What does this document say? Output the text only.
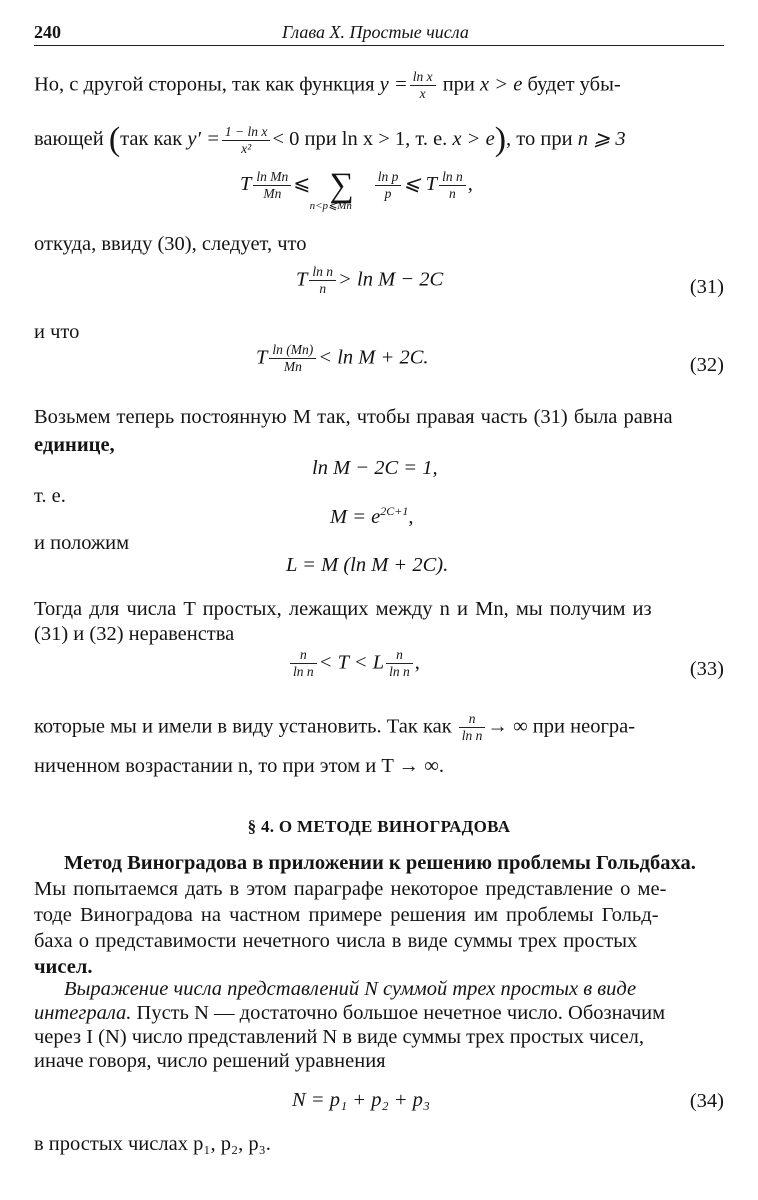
240	Глава X. Простые числа
Но, с другой стороны, так как функция $y = \frac{\text{ln x}}{x}$ при x > e будет убы-
вающей (так как $y' = \frac{\text{1 − ln x}}{\text{x²}} < 0$ при ln x > 1, т. е. x > e), то при n ⩾ 3
T $\frac{\text{ln Mn}}{Mn}$ ⩽ ∑
n<p⩽Mn

$\frac{\text{ln p}}{p}$ ⩽ T $\frac{\text{ln n}}{n}$ ,
откуда, ввиду (30), следует, что
T $\frac{\text{ln n}}{n} > \ln M - 2C$	(31)
и что
T $\frac{\ln (Mn)}{Mn} < \ln M + 2C$.	(32)
Возьмем теперь постоянную M так, чтобы правая часть (31) была равна
единице,
ln M − 2C = 1,
т. е.
$M = e^{2C+1}$,
и положим
L = M (ln M + 2C).
Тогда для числа T простых, лежащих между n и Mn, мы получим из
(31) и (32) неравенства
$\frac{n}{\text{ln n}} < T < L \frac{n}{\text{ln n}}$ ,	(33)
которые мы и имели в виду установить. Так как $\frac{n}{\text{ln n}}$ → ∞ при неогра-
ниченном возрастании n, то при этом и T → ∞.
§ 4. О МЕТОДЕ ВИНОГРАДОВА
Метод Виноградова в приложении к решению проблемы Гольдбаха.
Мы попытаемся дать в этом параграфе некоторое представление о ме-
тоде Виноградова на частном примере решения им проблемы Гольд-
баха о представимости нечетного числа в виде суммы трех простых
чисел.
Выражение числа представлений N суммой трех простых в виде
интеграла. Пусть N — достаточно большое нечетное число. Обозначим
через I (N) число представлений N в виде суммы трех простых чисел,
иначе говоря, число решений уравнения
N = p₁ + p₂ + p₃	(34)
в простых числах p₁, p₂, p₃.
